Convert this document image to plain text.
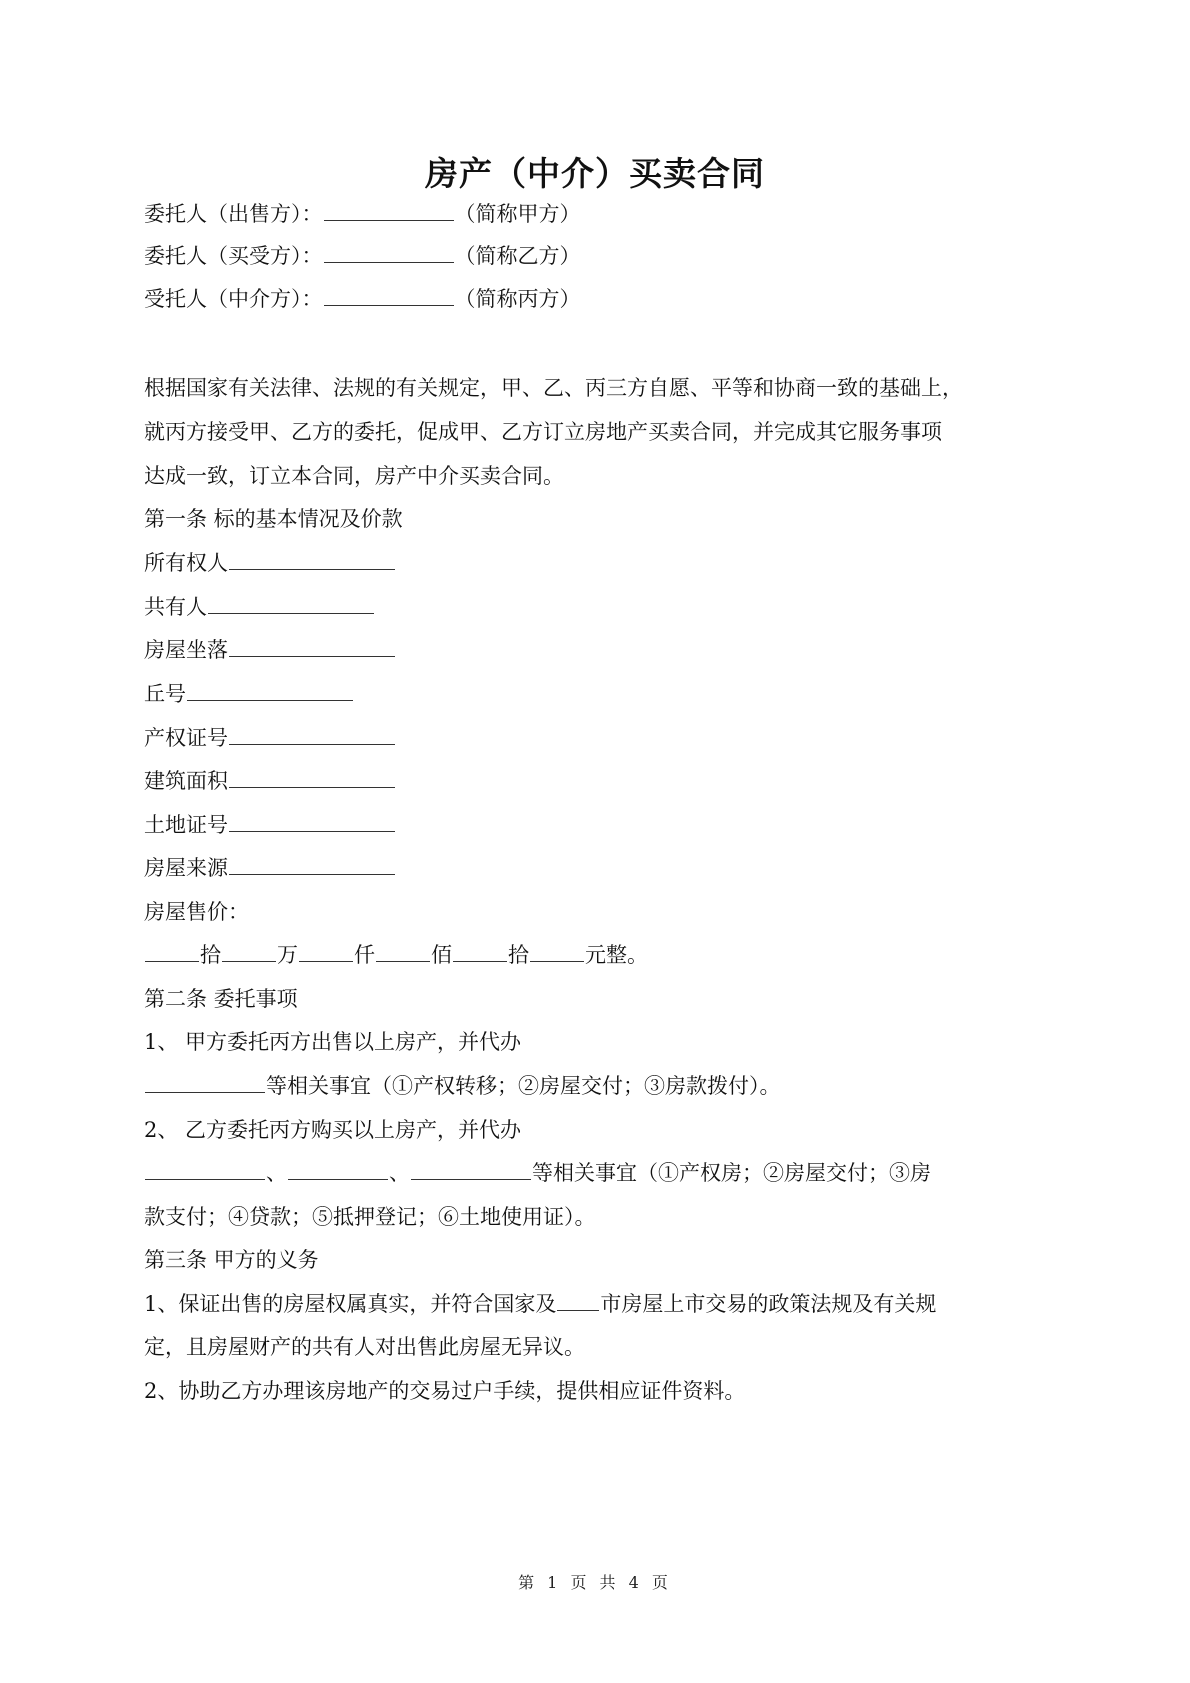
房产（中介）买卖合同
委托人（出售方）：	（简称甲方）
委托人（买受方）：	（简称乙方）
受托人（中介方）：	（简称丙方）
根据国家有关法律、法规的有关规定，甲、乙、丙三方自愿、平等和协商一致的基础上，
就丙方接受甲、乙方的委托，促成甲、乙方订立房地产买卖合同，并完成其它服务事项
达成一致，订立本合同，房产中介买卖合同。
第一条 标的基本情况及价款
所有权人
共有人
房屋坐落
丘号
产权证号
建筑面积
土地证号
房屋来源
房屋售价：
拾	万	仟	佰	拾	元整。
第二条 委托事项
1、 甲方委托丙方出售以上房产，并代办
等相关事宜（①产权转移；②房屋交付；③房款拨付）。
2、 乙方委托丙方购买以上房产，并代办
、	、	等相关事宜（①产权房；②房屋交付；③房
款支付；④贷款；⑤抵押登记；⑥土地使用证）。
第三条 甲方的义务
1、保证出售的房屋权属真实，并符合国家及 市房屋上市交易的政策法规及有关规
定，且房屋财产的共有人对出售此房屋无异议。
2、协助乙方办理该房地产的交易过户手续，提供相应证件资料。
第 1 页 共 4 页
